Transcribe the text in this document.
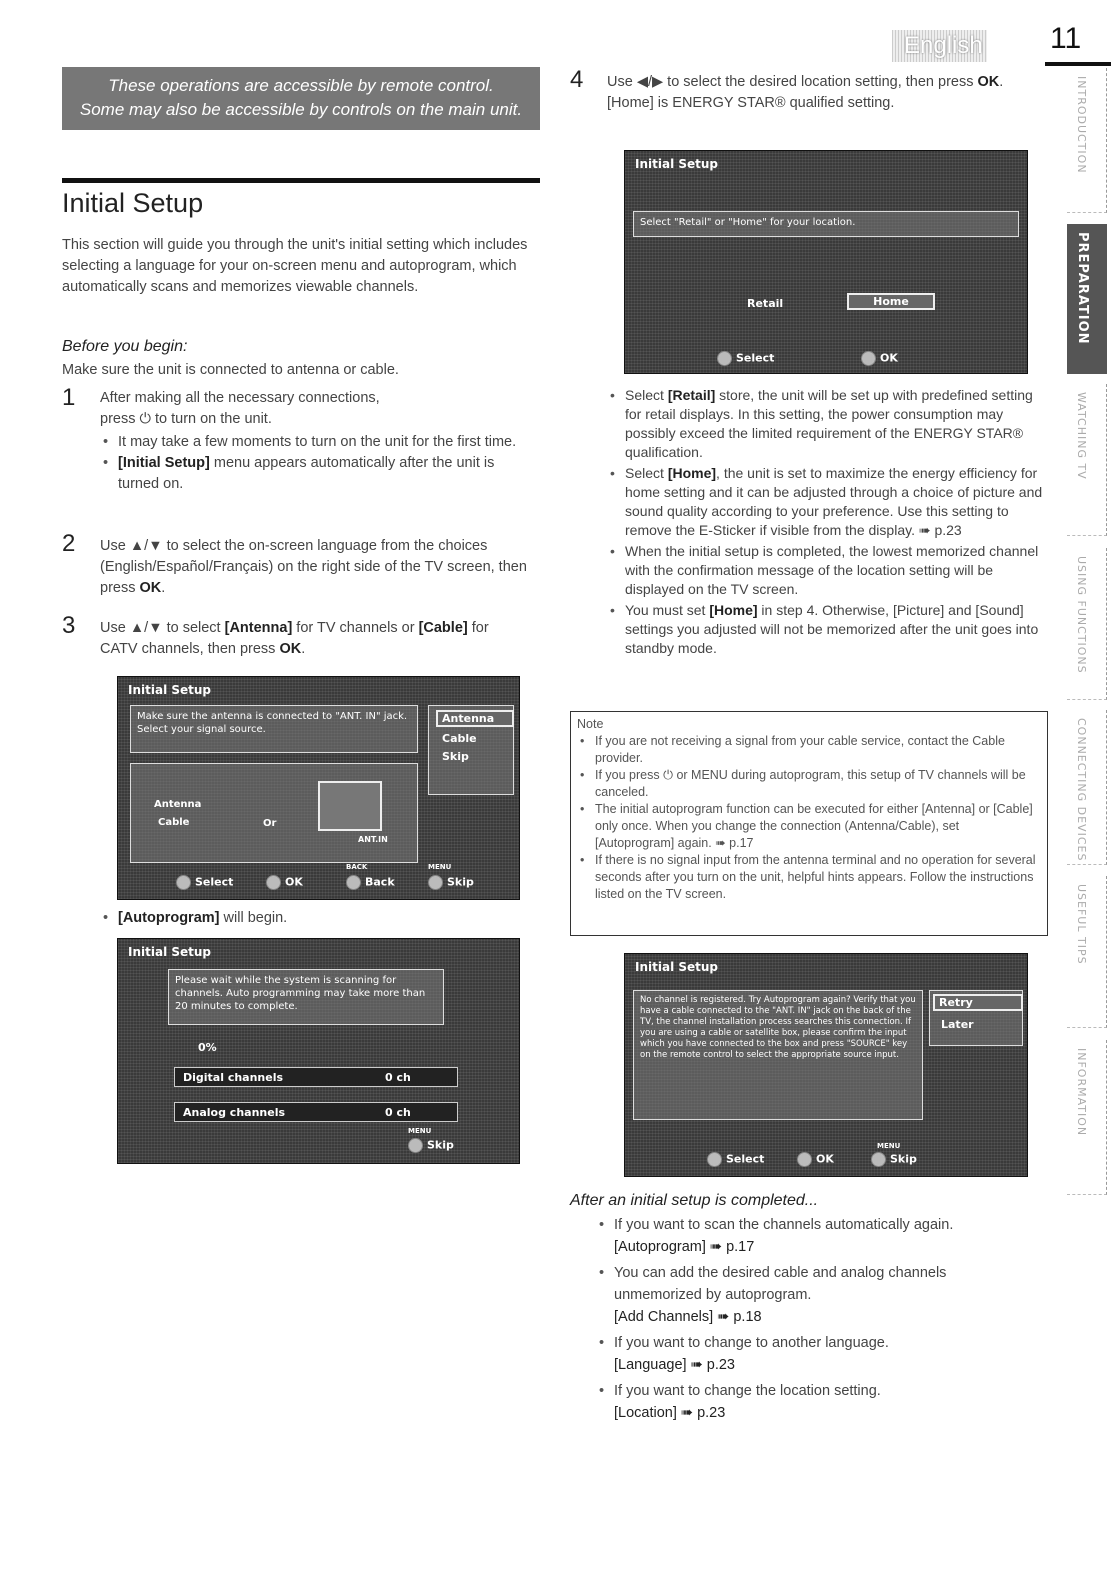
English 11
These operations are accessible by remote control.
Some may also be accessible by controls on the main unit.
Initial Setup
This section will guide you through the unit's initial setting which includes selecting a language for your on-screen menu and autoprogram, which automatically scans and memorizes viewable channels.
Before you begin:
Make sure the unit is connected to antenna or cable.
1 After making all the necessary connections,
press ⏻ to turn on the unit.
• It may take a few moments to turn on the unit for the first time.
• [Initial Setup] menu appears automatically after the unit is turned on.
2 Use ▲/▼ to select the on-screen language from the choices (English/Español/Français) on the right side of the TV screen, then press OK.
3 Use ▲/▼ to select [Antenna] for TV channels or [Cable] for CATV channels, then press OK.
Initial Setup
Make sure the antenna is connected to "ANT. IN" jack.
Select your signal source.
Antenna
Cable
Skip
Antenna
Cable	Or
ANT.IN
Select	OK	Back
BACK
Skip
MENU
• [Autoprogram] will begin.
Initial Setup
Please wait while the system is scanning for channels. Auto programming may take more than 20 minutes to complete.
0%
Digital channels	0 ch
Analog channels	0 ch
Skip
MENU
4 Use ◀/▶ to select the desired location setting, then press OK.
[Home] is ENERGY STAR® qualified setting.
Initial Setup
Select "Retail" or "Home" for your location.
Retail	Home
Select	OK
• Select [Retail] store, the unit will be set up with predefined setting for retail displays. In this setting, the power consumption may possibly exceed the limited requirement of the ENERGY STAR® qualification.
• Select [Home], the unit is set to maximize the energy efficiency for home setting and it can be adjusted through a choice of picture and sound quality according to your preference. Use this setting to remove the E-Sticker if visible from the display. ➠ p.23
• When the initial setup is completed, the lowest memorized channel with the confirmation message of the location setting will be displayed on the TV screen.
• You must set [Home] in step 4. Otherwise, [Picture] and [Sound] settings you adjusted will not be memorized after the unit goes into standby mode.
Note
• If you are not receiving a signal from your cable service, contact the Cable provider.
• If you press ⏻ or MENU during autoprogram, this setup of TV channels will be canceled.
• The initial autoprogram function can be executed for either [Antenna] or [Cable] only once. When you change the connection (Antenna/Cable), set [Autoprogram] again. ➠ p.17
• If there is no signal input from the antenna terminal and no operation for several seconds after you turn on the unit, helpful hints appears. Follow the instructions listed on the TV screen.
Initial Setup
No channel is registered. Try Autoprogram again? Verify that you have a cable connected to the "ANT. IN" jack on the back of the TV, the channel installation process searches this connection. If you are using a cable or satellite box, please confirm the input which you have connected to the box and press "SOURCE" key on the remote control to select the appropriate source input.
Retry
Later
Select	OK	Skip
MENU
After an initial setup is completed...
• If you want to scan the channels automatically again.
[Autoprogram] ➠ p.17
• You can add the desired cable and analog channels unmemorized by autoprogram.
[Add Channels] ➠ p.18
• If you want to change to another language.
[Language] ➠ p.23
• If you want to change the location setting.
[Location] ➠ p.23
INTRODUCTION
PREPARATION
WATCHING TV
USING FUNCTIONS
CONNECTING DEVICES
USEFUL TIPS
INFORMATION
